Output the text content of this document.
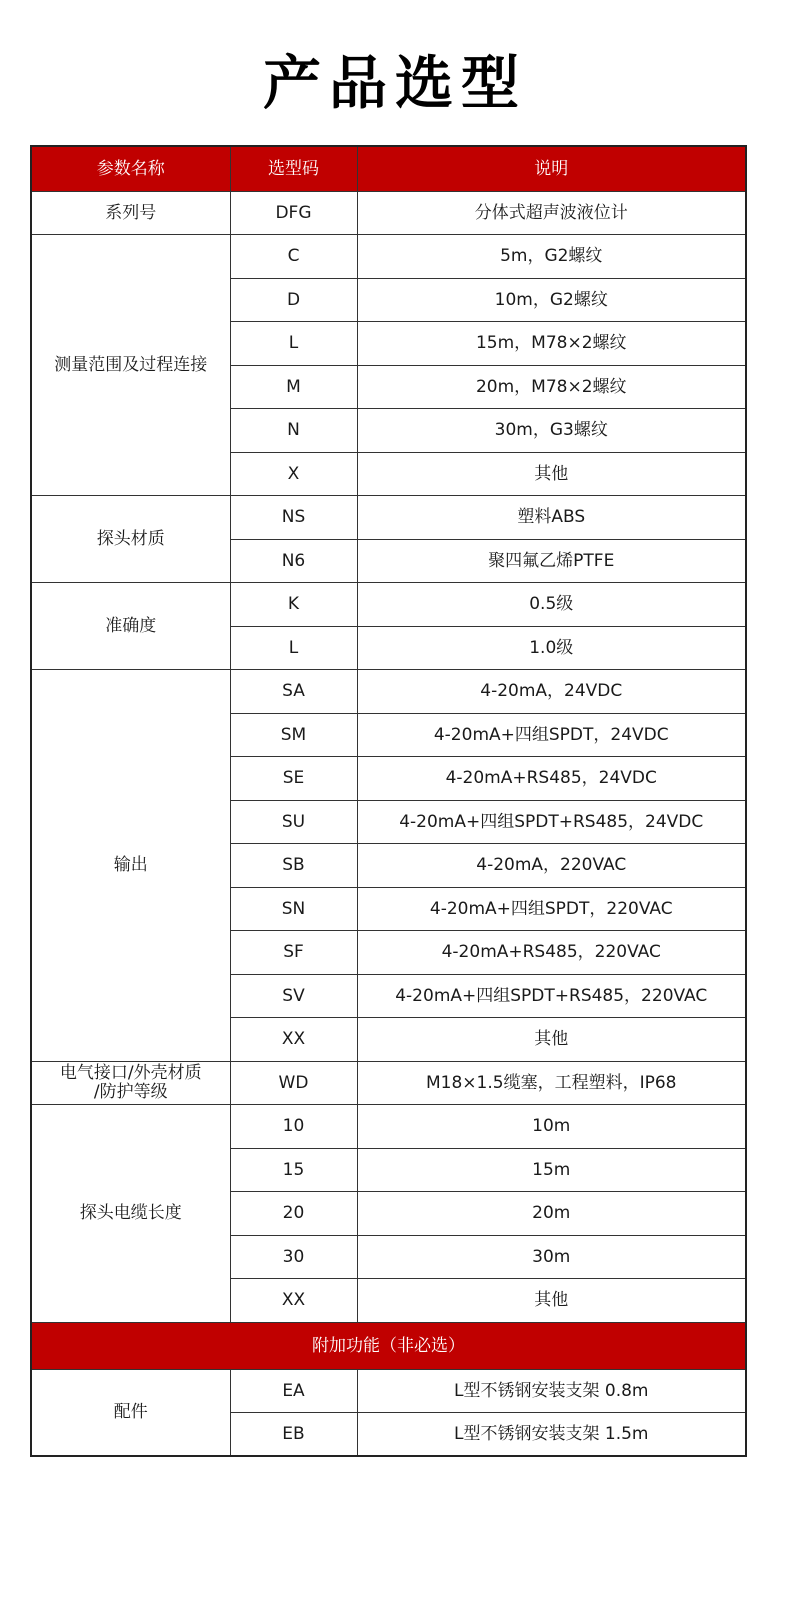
产品选型
参数名称	选型码	说明
系列号	DFG	分体式超声波液位计
测量范围及过程连接	C	5m，G2螺纹
	D	10m，G2螺纹
	L	15m，M78×2螺纹
	M	20m，M78×2螺纹
	N	30m，G3螺纹
	X	其他
探头材质	NS	塑料ABS
	N6	聚四氟乙烯PTFE
准确度	K	0.5级
	L	1.0级
输出	SA	4-20mA，24VDC
	SM	4-20mA+四组SPDT，24VDC
	SE	4-20mA+RS485，24VDC
	SU	4-20mA+四组SPDT+RS485，24VDC
	SB	4-20mA，220VAC
	SN	4-20mA+四组SPDT，220VAC
	SF	4-20mA+RS485，220VAC
	SV	4-20mA+四组SPDT+RS485，220VAC
	XX	其他

电气接口/外壳材质
/防护等级	WD	M18×1.5缆塞，工程塑料，IP68
探头电缆长度	10	10m
	15	15m
	20	20m
	30	30m
	XX	其他
附加功能（非必选）		
配件	EA	L型不锈钢安装支架 0.8m
	EB	L型不锈钢安装支架 1.5m
